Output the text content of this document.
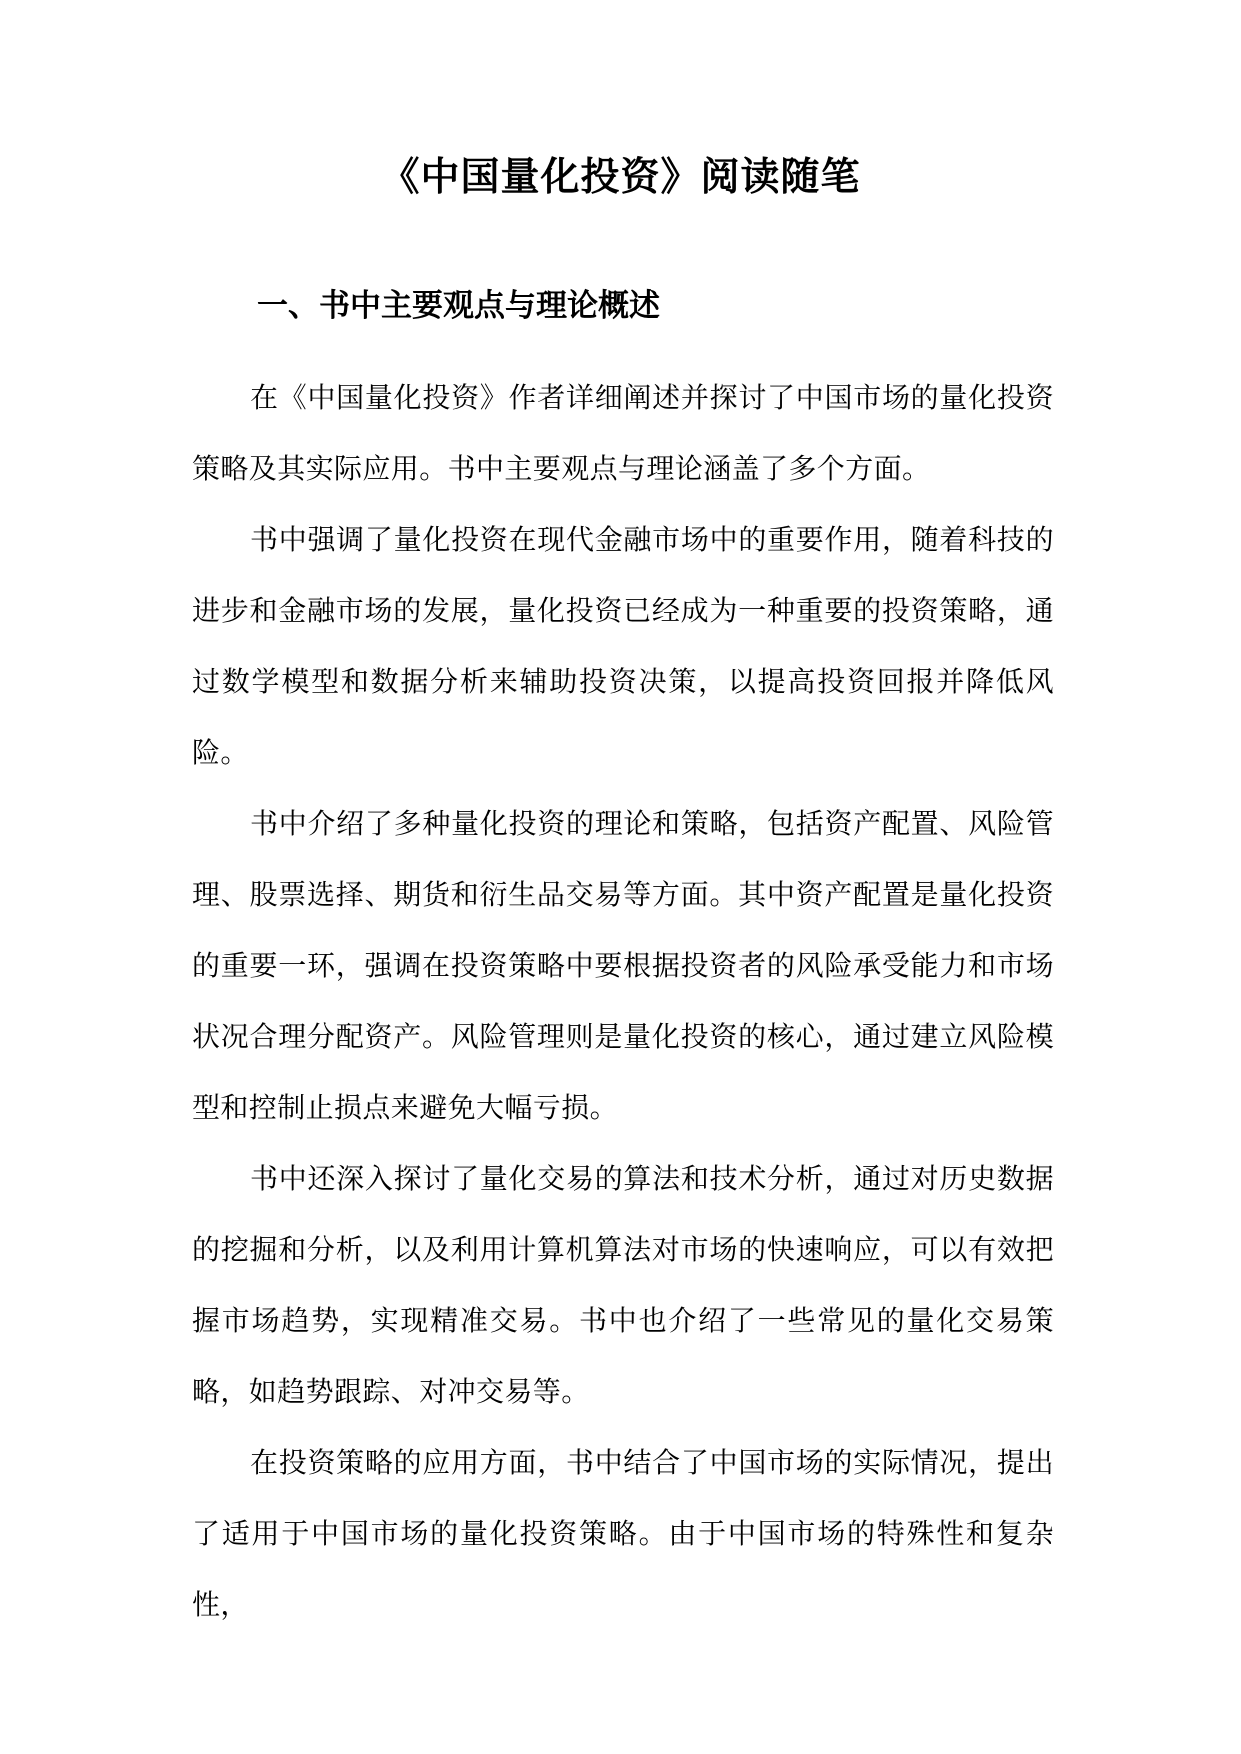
《中国量化投资》阅读随笔
一、书中主要观点与理论概述

在《中国量化投资》作者详细阐述并探讨了中国市场的量化投资策略及其实际应用。书中主要观点与理论涵盖了多个方面。

书中强调了量化投资在现代金融市场中的重要作用，随着科技的进步和金融市场的发展，量化投资已经成为一种重要的投资策略，通过数学模型和数据分析来辅助投资决策，以提高投资回报并降低风险。

书中介绍了多种量化投资的理论和策略，包括资产配置、风险管理、股票选择、期货和衍生品交易等方面。其中资产配置是量化投资的重要一环，强调在投资策略中要根据投资者的风险承受能力和市场状况合理分配资产。风险管理则是量化投资的核心，通过建立风险模型和控制止损点来避免大幅亏损。

书中还深入探讨了量化交易的算法和技术分析，通过对历史数据的挖掘和分析，以及利用计算机算法对市场的快速响应，可以有效把握市场趋势，实现精准交易。书中也介绍了一些常见的量化交易策略，如趋势跟踪、对冲交易等。

在投资策略的应用方面，书中结合了中国市场的实际情况，提出了适用于中国市场的量化投资策略。由于中国市场的特殊性和复杂性，
